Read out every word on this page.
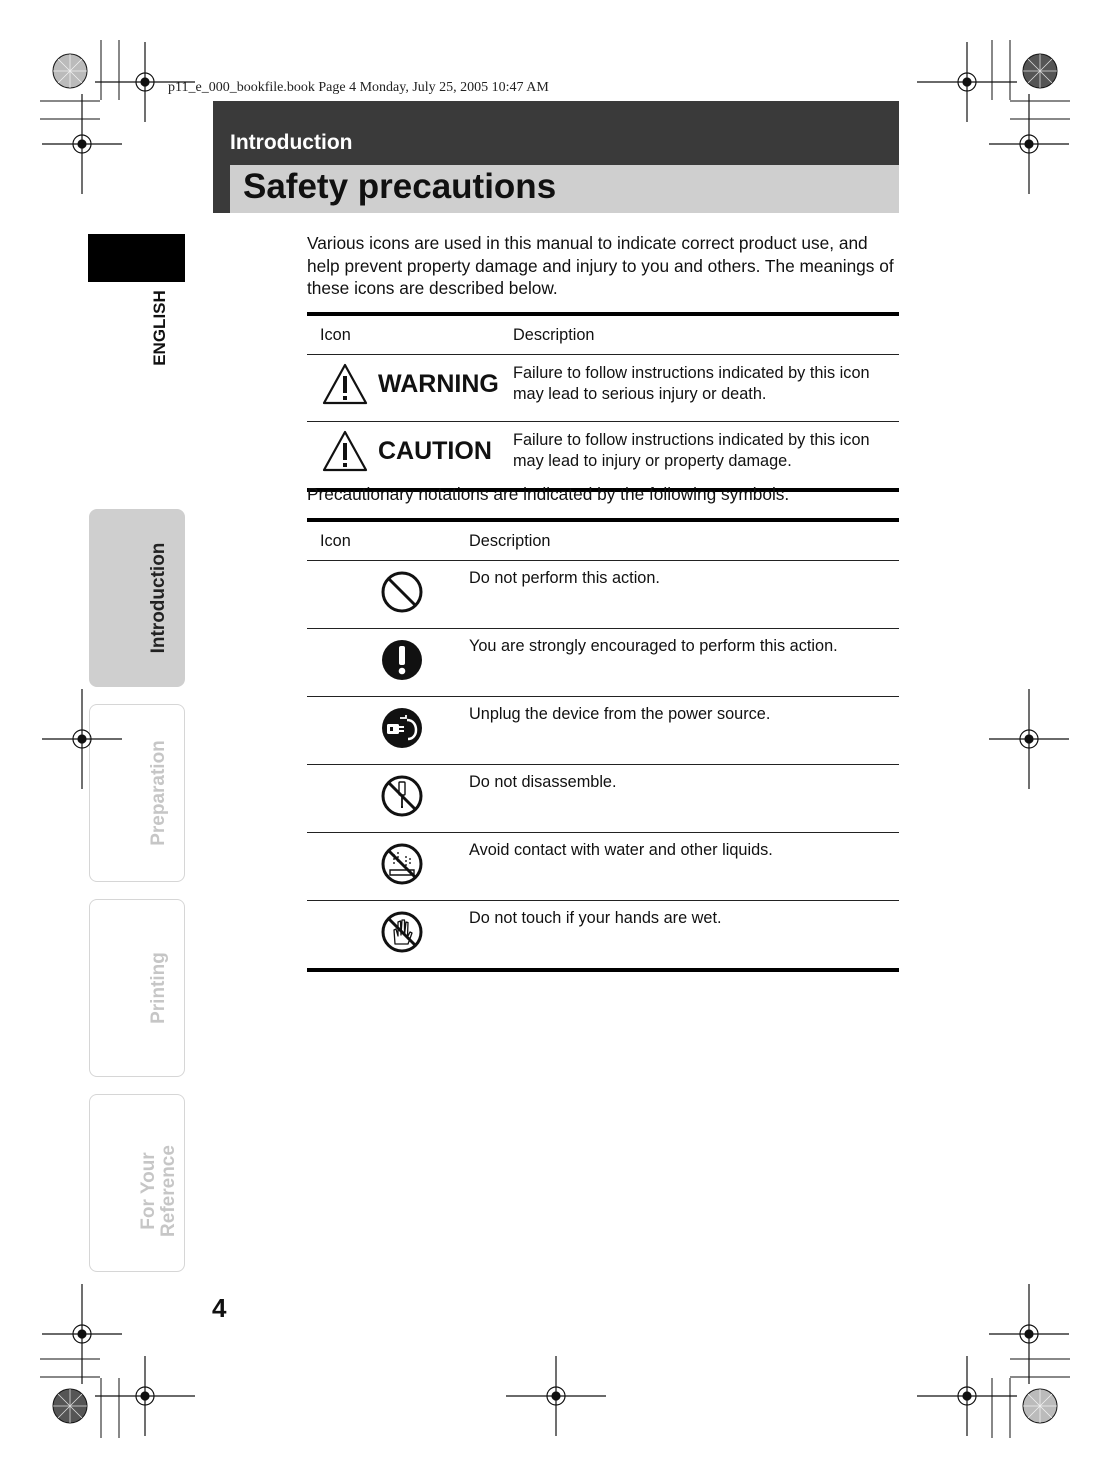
p11_e_000_bookfile.book Page 4 Monday, July 25, 2005 10:47 AM
Introduction
Safety precautions
ENGLISH
Introduction
Preparation
Printing
For Your
Reference
Various icons are used in this manual to indicate correct product use, and help prevent property damage and injury to you and others. The meanings of these icons are described below.
Icon	Description

WARNING	Failure to follow instructions indicated by this icon may lead to serious injury or death.

CAUTION	Failure to follow instructions indicated by this icon may lead to injury or property damage.
Precautionary notations are indicated by the following symbols.
Icon	Description
	Do not perform this action.
	You are strongly encouraged to perform this action.
	Unplug the device from the power source.
	Do not disassemble.
	Avoid contact with water and other liquids.
	Do not touch if your hands are wet.
4
